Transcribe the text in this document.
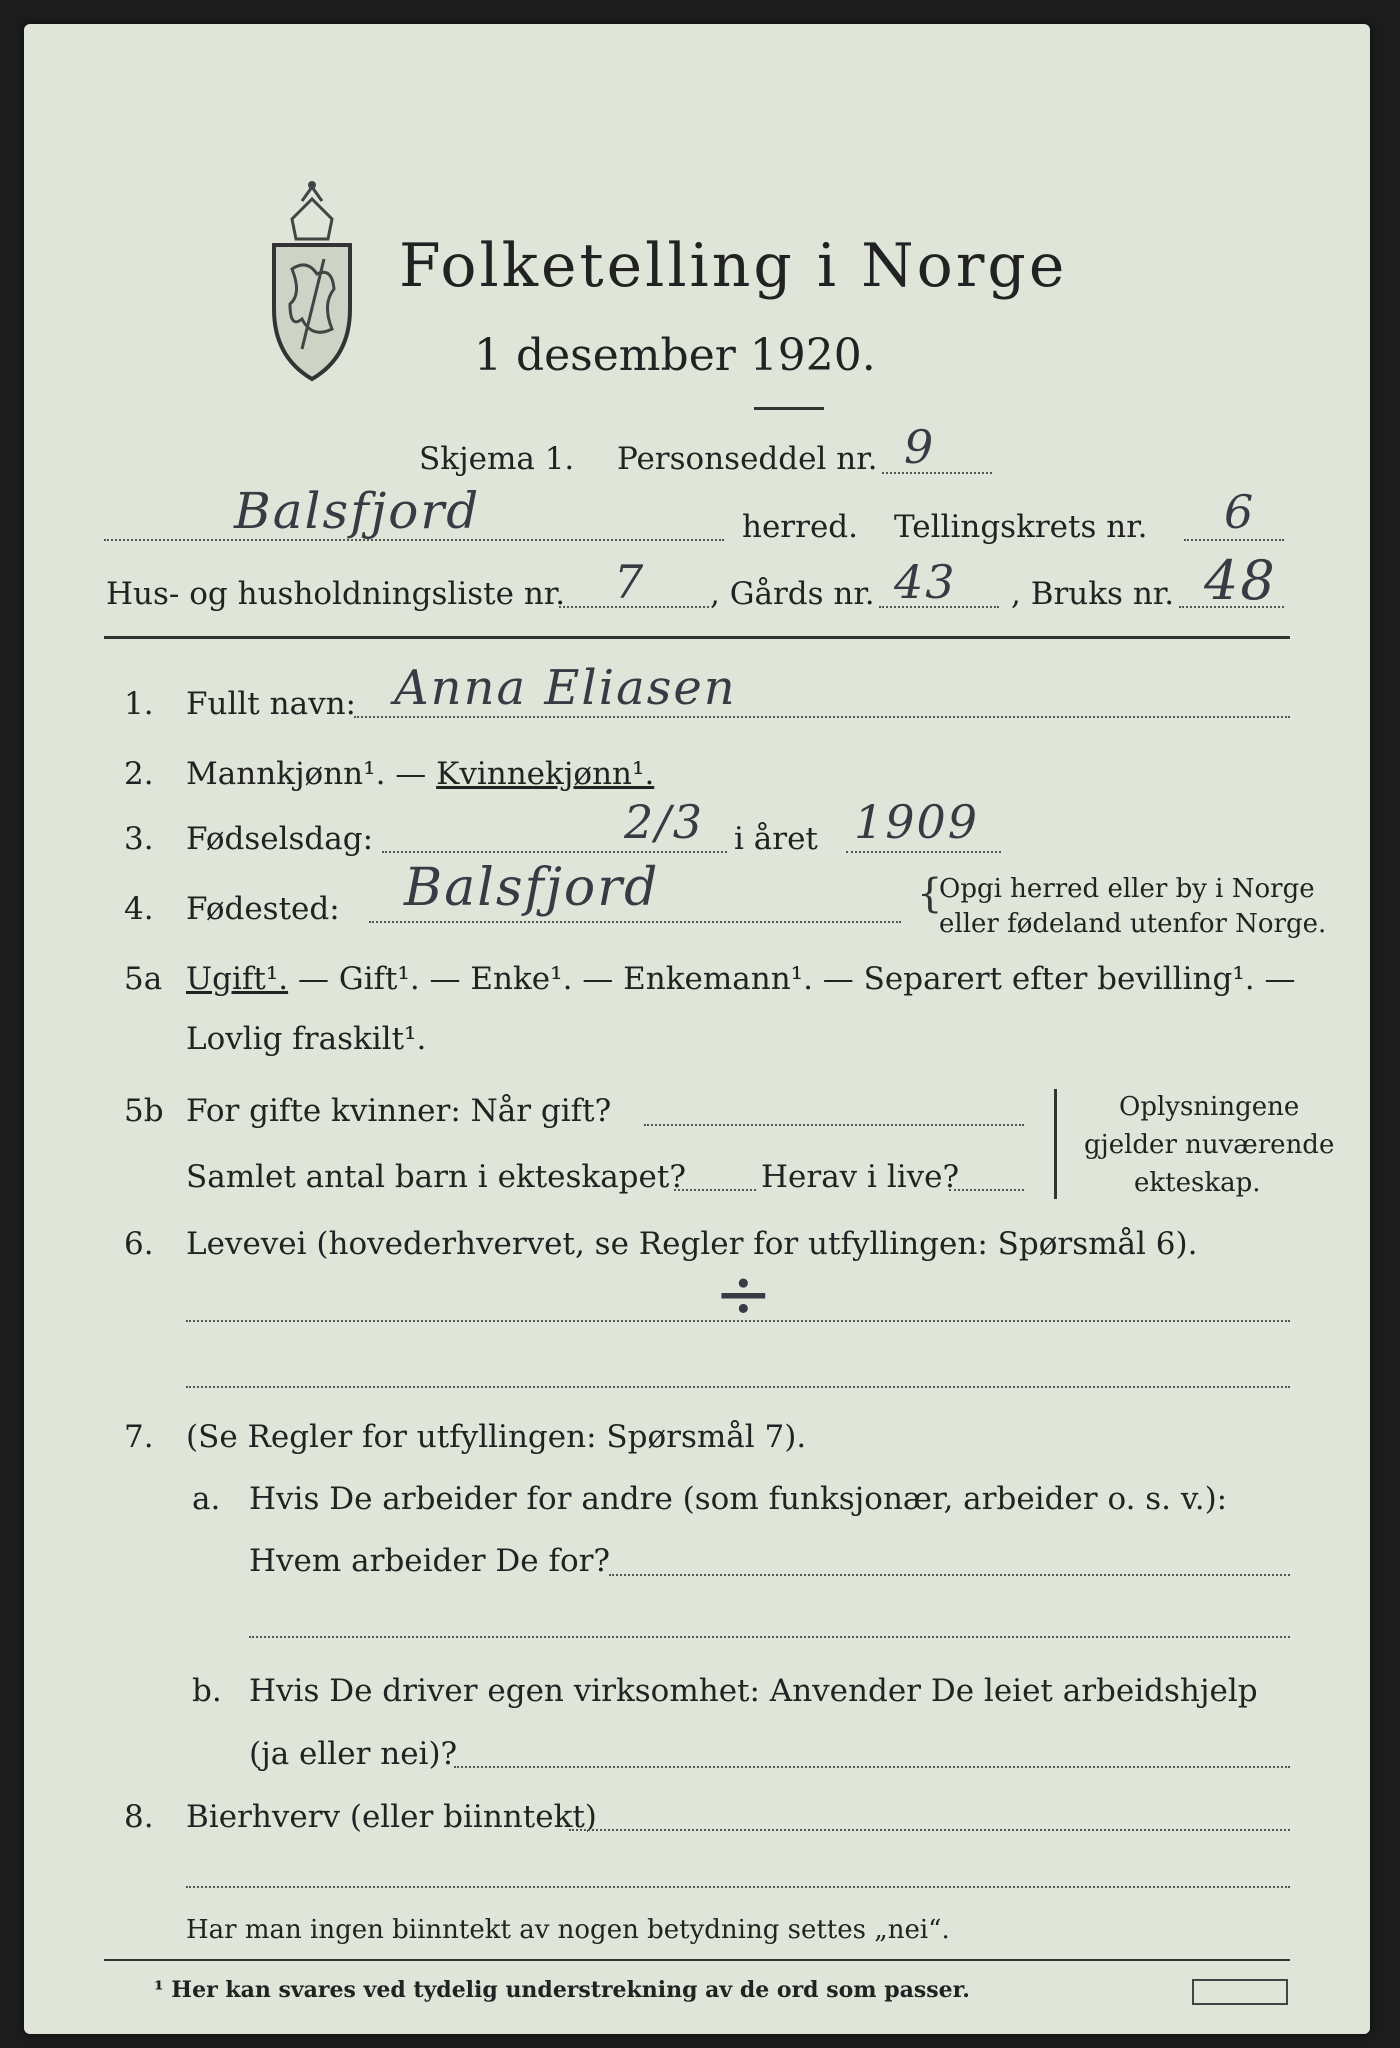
Folketelling i Norge
1 desember 1920.
Skjema 1. Personseddel nr. 9
Balsfjord	herred. Tellingskrets nr. 6
Hus- og husholdningsliste nr. 7 , Gårds nr. 43 , Bruks nr. 48
1. Fullt navn: Anna Eliasen
2. Mannkjønn¹. — Kvinnekjønn¹.
3. Fødselsdag:	2/3 i året 1909
4. Fødested: Balsfjord	{
Opgi herred eller by i Norge
eller fødeland utenfor Norge.
5a Ugift¹. — Gift¹. — Enke¹. — Enkemann¹. — Separert efter bevilling¹. —
Lovlig fraskilt¹.
5b For gifte kvinner: Når gift?
Samlet antal barn i ekteskapet? Herav i live?
Oplysningene
gjelder nuværende
ekteskap.
6. Levevei (hovederhvervet, se Regler for utfyllingen: Spørsmål 6).
÷
7. (Se Regler for utfyllingen: Spørsmål 7).
a. Hvis De arbeider for andre (som funksjonær, arbeider o. s. v.):
Hvem arbeider De for?
b. Hvis De driver egen virksomhet: Anvender De leiet arbeidshjelp
(ja eller nei)?
8. Bierhverv (eller biinntekt)
Har man ingen biinntekt av nogen betydning settes „nei“.
¹ Her kan svares ved tydelig understrekning av de ord som passer.
